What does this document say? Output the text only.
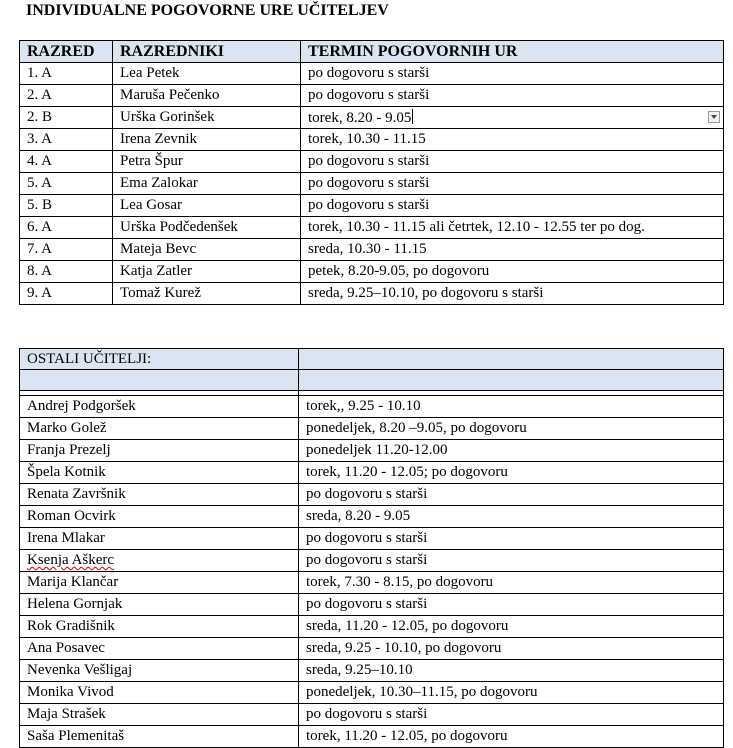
INDIVIDUALNE POGOVORNE URE UČITELJEV
RAZRED	RAZREDNIKI	TERMIN POGOVORNIH UR
1. A	Lea Petek	po dogovoru s starši
2. A	Maruša Pečenko	po dogovoru s starši
2. B	Urška Gorinšek	torek, 8.20 - 9.05

3. A	Irena Zevnik	torek, 10.30 - 11.15
4. A	Petra Špur	po dogovoru s starši
5. A	Ema Zalokar	po dogovoru s starši
5. B	Lea Gosar	po dogovoru s starši
6. A	Urška Podčedenšek	torek, 10.30 - 11.15 ali četrtek, 12.10 - 12.55 ter po dog.
7. A	Mateja Bevc	sreda, 10.30 - 11.15
8. A	Katja Zatler	petek, 8.20-9.05, po dogovoru
9. A	Tomaž Kurež	sreda, 9.25–10.10, po dogovoru s starši
OSTALI UČITELJI:	

Andrej Podgoršek	torek,, 9.25 - 10.10
Marko Golež	ponedeljek, 8.20 –9.05, po dogovoru
Franja Prezelj	ponedeljek 11.20-12.00
Špela Kotnik	torek, 11.20 - 12.05; po dogovoru
Renata Završnik	po dogovoru s starši
Roman Ocvirk	sreda, 8.20 - 9.05
Irena Mlakar	po dogovoru s starši
Ksenja Aškerc	po dogovoru s starši
Marija Klančar	torek, 7.30 - 8.15, po dogovoru
Helena Gornjak	po dogovoru s starši
Rok Gradišnik	sreda, 11.20 - 12.05, po dogovoru
Ana Posavec	sreda, 9.25 - 10.10, po dogovoru
Nevenka Vešligaj	sreda, 9.25–10.10
Monika Vivod	ponedeljek, 10.30–11.15, po dogovoru
Maja Strašek	po dogovoru s starši
Saša Plemenitaš	torek, 11.20 - 12.05, po dogovoru
